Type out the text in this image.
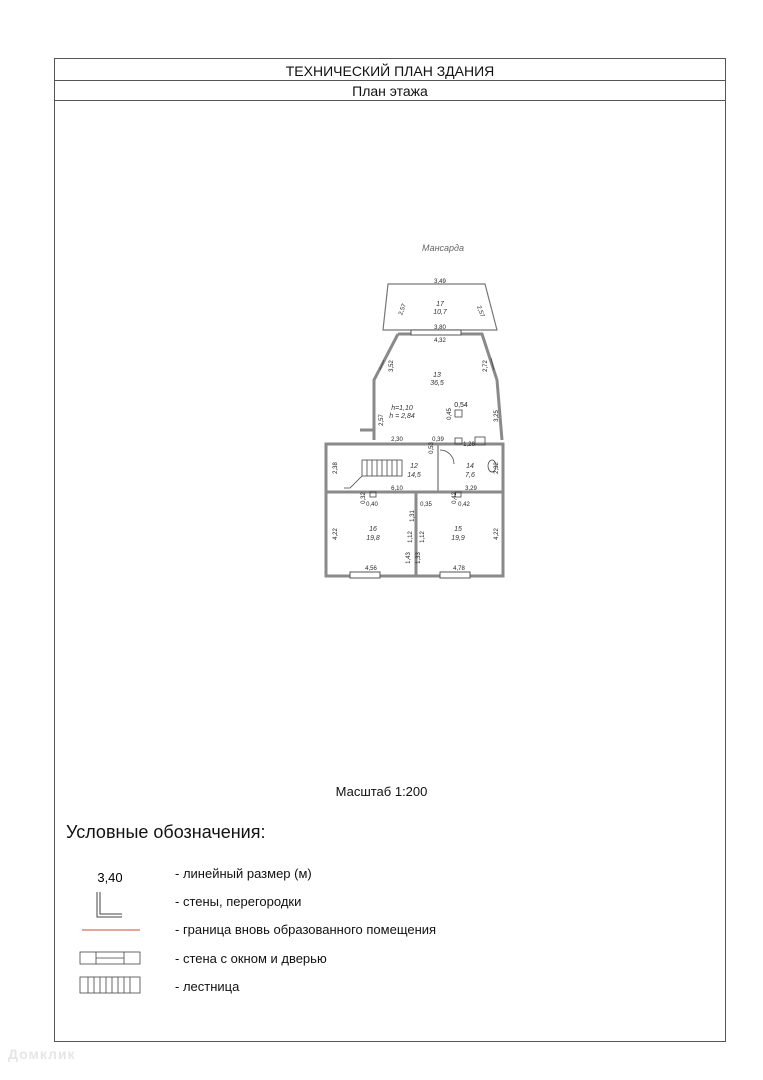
ТЕХНИЧЕСКИЙ ПЛАН ЗДАНИЯ
План этажа
Мансарда
17
10,7
13
36,5
12
14,5
14
7,6
16
19,8
15
19,9
h=1,10
h = 2,84
3,49
2,57	2,57
3,80
4,32
3,52	2,72
2,57	3,25
0,54
0,45
2,30	0,39
0,53	1,26
2,38	2,32
6,10	3,29
0,32
0,40	0,35
0,42
0,42
1,31
1,12 1,12
1,43 1,33
4,22	4,22
4,56	4,78
3,40
Масштаб 1:200
Условные обозначения:
- линейный размер (м)
- стены, перегородки
- граница вновь образованного помещения
- стена с окном и дверью
- лестница
Домклик
